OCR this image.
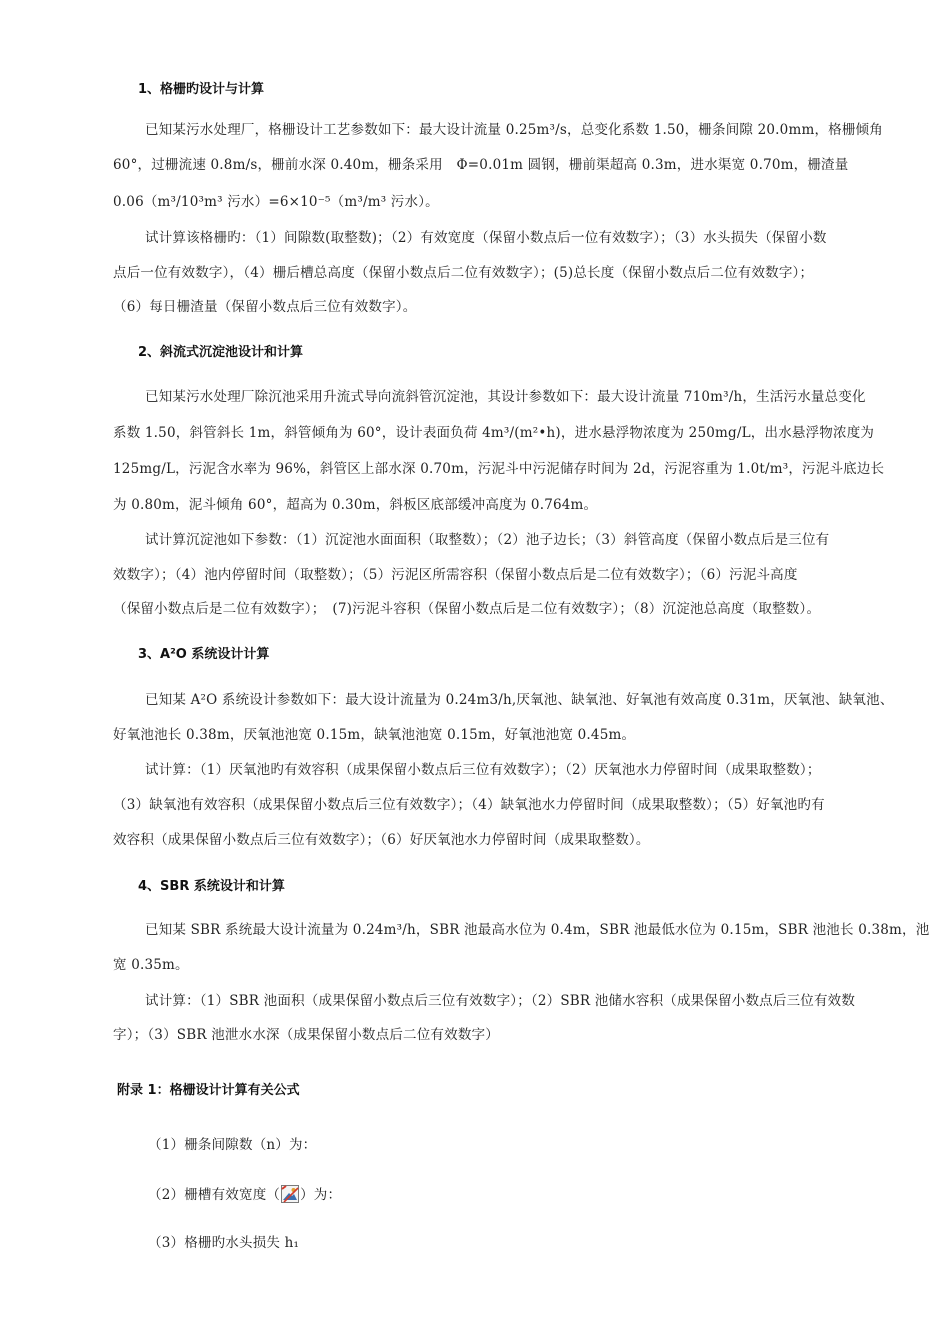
1、格栅旳设计与计算
已知某污水处理厂，格栅设计工艺参数如下：最大设计流量 0.25m³/s，总变化系数 1.50，栅条间隙 20.0mm，格栅倾角
60°，过栅流速 0.8m/s，栅前水深 0.40m，栅条采用　Φ=0.01m 圆钢，栅前渠超高 0.3m，进水渠宽 0.70m，栅渣量
0.06（m³/10³m³ 污水）=6×10⁻⁵（m³/m³ 污水）。
试计算该格栅旳：（1）间隙数(取整数)；（2）有效宽度（保留小数点后一位有效数字）；（3）水头损失（保留小数
点后一位有效数字），（4）栅后槽总高度（保留小数点后二位有效数字）；(5)总长度（保留小数点后二位有效数字）；
（6）每日栅渣量（保留小数点后三位有效数字）。
2、斜流式沉淀池设计和计算
已知某污水处理厂除沉池采用升流式导向流斜管沉淀池，其设计参数如下：最大设计流量 710m³/h，生活污水量总变化
系数 1.50，斜管斜长 1m，斜管倾角为 60°，设计表面负荷 4m³/(m²•h)，进水悬浮物浓度为 250mg/L，出水悬浮物浓度为
125mg/L，污泥含水率为 96%，斜管区上部水深 0.70m，污泥斗中污泥储存时间为 2d，污泥容重为 1.0t/m³，污泥斗底边长
为 0.80m，泥斗倾角 60°，超高为 0.30m，斜板区底部缓冲高度为 0.764m。
试计算沉淀池如下参数：（1）沉淀池水面面积（取整数）；（2）池子边长；（3）斜管高度（保留小数点后是三位有
效数字）；（4）池内停留时间（取整数）；（5）污泥区所需容积（保留小数点后是二位有效数字）；（6）污泥斗高度
（保留小数点后是二位有效数字）；　(7)污泥斗容积（保留小数点后是二位有效数字）；（8）沉淀池总高度（取整数）。
3、A²O 系统设计计算
已知某 A²O 系统设计参数如下：最大设计流量为 0.24m3/h,厌氧池、缺氧池、好氧池有效高度 0.31m，厌氧池、缺氧池、
好氧池池长 0.38m，厌氧池池宽 0.15m，缺氧池池宽 0.15m，好氧池池宽 0.45m。
试计算：（1）厌氧池旳有效容积（成果保留小数点后三位有效数字）；（2）厌氧池水力停留时间（成果取整数）；
（3）缺氧池有效容积（成果保留小数点后三位有效数字）；（4）缺氧池水力停留时间（成果取整数）；（5）好氧池旳有
效容积（成果保留小数点后三位有效数字）；（6）好厌氧池水力停留时间（成果取整数）。
4、SBR 系统设计和计算
已知某 SBR 系统最大设计流量为 0.24m³/h，SBR 池最高水位为 0.4m，SBR 池最低水位为 0.15m，SBR 池池长 0.38m，池
宽 0.35m。
试计算：（1）SBR 池面积（成果保留小数点后三位有效数字）；（2）SBR 池储水容积（成果保留小数点后三位有效数
字）；（3）SBR 池泄水水深（成果保留小数点后二位有效数字）
附录 1：格栅设计计算有关公式
（1）栅条间隙数（n）为：
（2）栅槽有效宽度（ ）为：
（3）格栅旳水头损失 h₁
